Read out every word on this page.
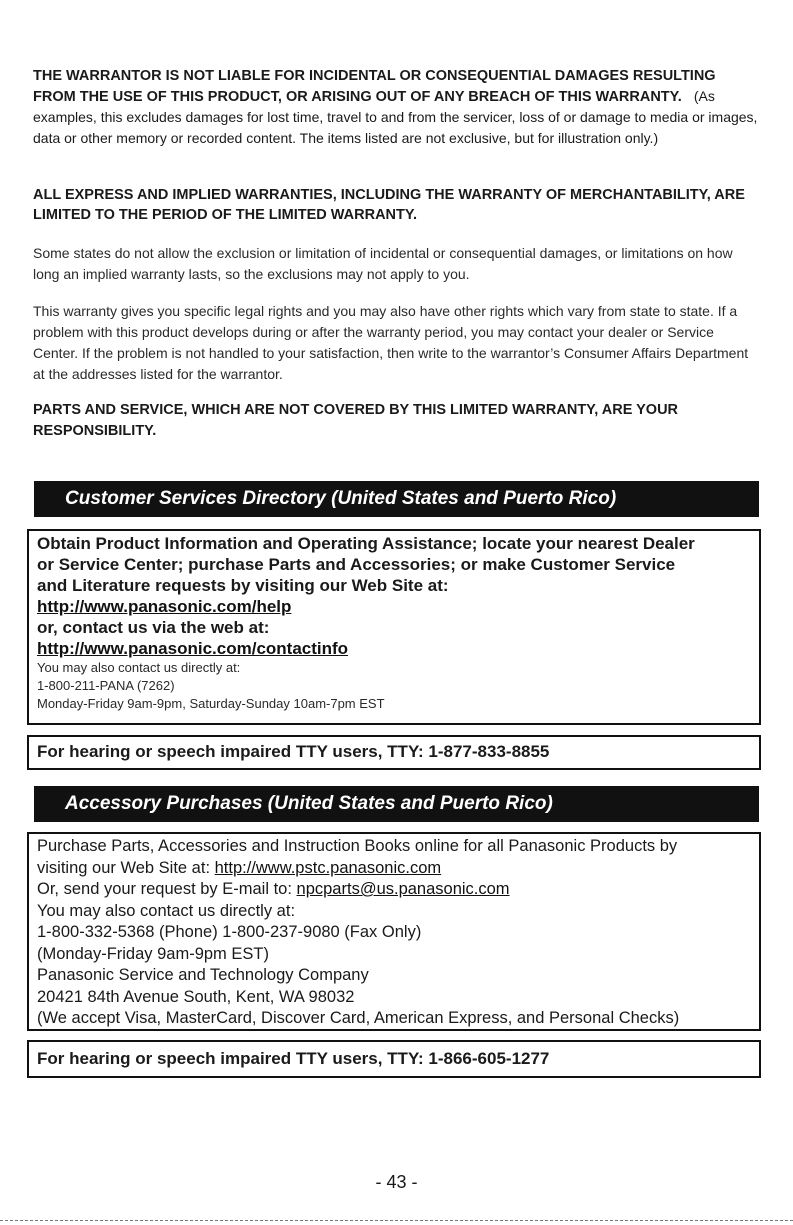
THE WARRANTOR IS NOT LIABLE FOR INCIDENTAL OR CONSEQUENTIAL DAMAGES RESULTING FROM THE USE OF THIS PRODUCT, OR ARISING OUT OF ANY BREACH OF THIS WARRANTY. (As examples, this excludes damages for lost time, travel to and from the servicer, loss of or damage to media or images, data or other memory or recorded content. The items listed are not exclusive, but for illustration only.)

ALL EXPRESS AND IMPLIED WARRANTIES, INCLUDING THE WARRANTY OF MERCHANTABILITY, ARE LIMITED TO THE PERIOD OF THE LIMITED WARRANTY.

Some states do not allow the exclusion or limitation of incidental or consequential damages, or limitations on how long an implied warranty lasts, so the exclusions may not apply to you.

This warranty gives you specific legal rights and you may also have other rights which vary from state to state. If a problem with this product develops during or after the warranty period, you may contact your dealer or Service Center. If the problem is not handled to your satisfaction, then write to the warrantor’s Consumer Affairs Department at the addresses listed for the warrantor.

PARTS AND SERVICE, WHICH ARE NOT COVERED BY THIS LIMITED WARRANTY, ARE YOUR RESPONSIBILITY.

Customer Services Directory (United States and Puerto Rico)
Obtain Product Information and Operating Assistance; locate your nearest Dealer
or Service Center; purchase Parts and Accessories; or make Customer Service
and Literature requests by visiting our Web Site at:
http://www.panasonic.com/help
or, contact us via the web at:
http://www.panasonic.com/contactinfo
You may also contact us directly at:
1-800-211-PANA (7262)
Monday-Friday 9am-9pm, Saturday-Sunday 10am-7pm EST
For hearing or speech impaired TTY users, TTY: 1-877-833-8855
Accessory Purchases (United States and Puerto Rico)
Purchase Parts, Accessories and Instruction Books online for all Panasonic Products by
visiting our Web Site at: http://www.pstc.panasonic.com
Or, send your request by E-mail to: npcparts@us.panasonic.com
You may also contact us directly at:
1-800-332-5368 (Phone) 1-800-237-9080 (Fax Only)
(Monday-Friday 9am-9pm EST)
Panasonic Service and Technology Company
20421 84th Avenue South, Kent, WA 98032
(We accept Visa, MasterCard, Discover Card, American Express, and Personal Checks)
For hearing or speech impaired TTY users, TTY: 1-866-605-1277
- 43 -
